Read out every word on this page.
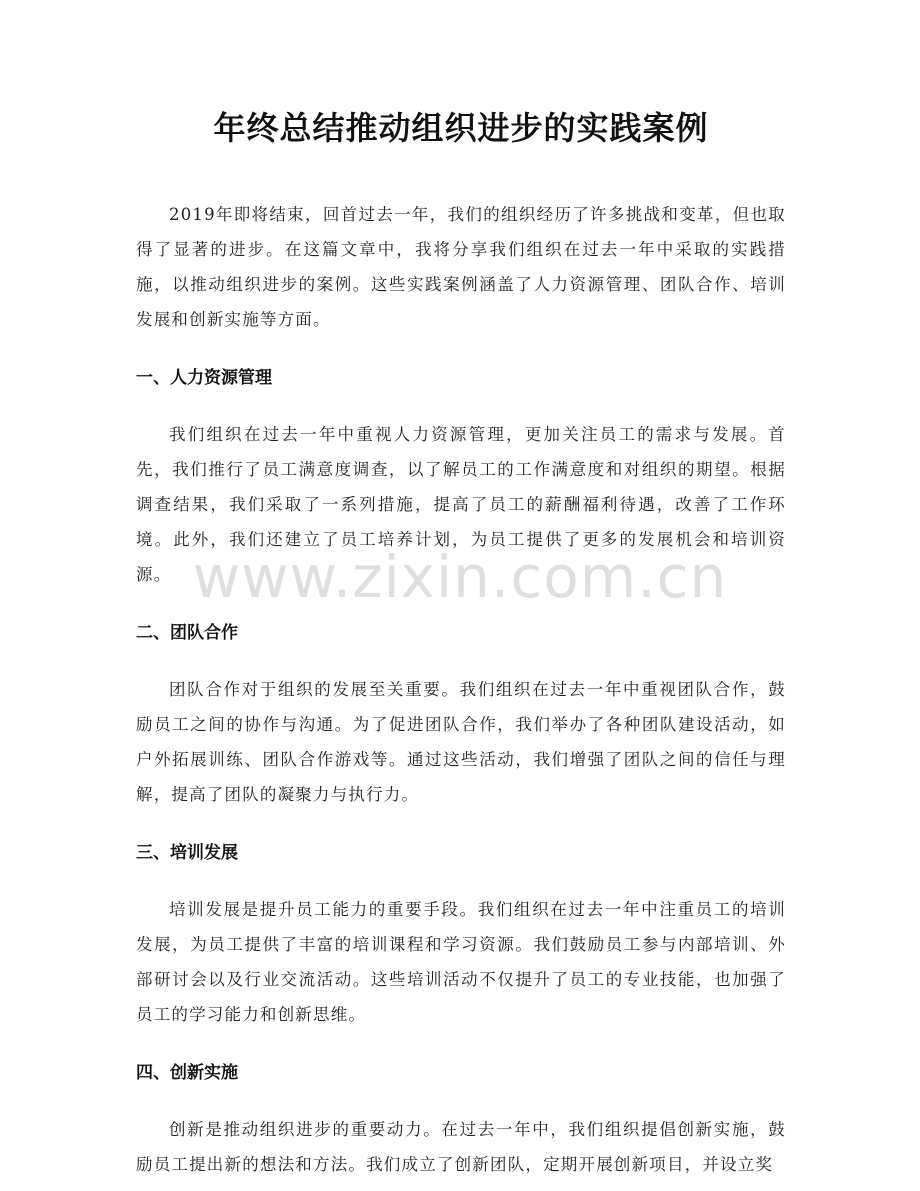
年终总结推动组织进步的实践案例

2019年即将结束，回首过去一年，我们的组织经历了许多挑战和变革，但也取得了显著的进步。在这篇文章中，我将分享我们组织在过去一年中采取的实践措施，以推动组织进步的案例。这些实践案例涵盖了人力资源管理、团队合作、培训发展和创新实施等方面。

一、人力资源管理

我们组织在过去一年中重视人力资源管理，更加关注员工的需求与发展。首先，我们推行了员工满意度调查，以了解员工的工作满意度和对组织的期望。根据调查结果，我们采取了一系列措施，提高了员工的薪酬福利待遇，改善了工作环境。此外，我们还建立了员工培养计划，为员工提供了更多的发展机会和培训资源。

二、团队合作

团队合作对于组织的发展至关重要。我们组织在过去一年中重视团队合作，鼓励员工之间的协作与沟通。为了促进团队合作，我们举办了各种团队建设活动，如户外拓展训练、团队合作游戏等。通过这些活动，我们增强了团队之间的信任与理解，提高了团队的凝聚力与执行力。

三、培训发展

培训发展是提升员工能力的重要手段。我们组织在过去一年中注重员工的培训发展，为员工提供了丰富的培训课程和学习资源。我们鼓励员工参与内部培训、外部研讨会以及行业交流活动。这些培训活动不仅提升了员工的专业技能，也加强了员工的学习能力和创新思维。

四、创新实施

创新是推动组织进步的重要动力。在过去一年中，我们组织提倡创新实施，鼓励员工提出新的想法和方法。我们成立了创新团队，定期开展创新项目，并设立奖

www.zixin.com.cn
